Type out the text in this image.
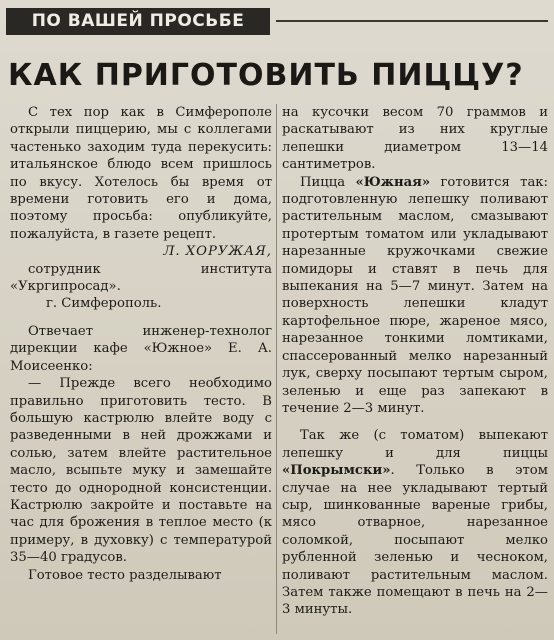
ПО ВАШЕЙ ПРОСЬБЕ
КАК ПРИГОТОВИТЬ ПИЦЦУ?

С тех пор как в Симферополе открыли пиццерию, мы с коллегами частенько заходим туда перекусить: итальянское блюдо всем пришлось по вкусу. Хотелось бы время от времени готовить его и дома, поэтому просьба: опубликуйте, пожалуйста, в газете рецепт.

Л. ХОРУЖАЯ,

сотрудник института «Укргипросад».

г. Симферополь.

Отвечает инженер-технолог дирекции кафе «Южное» Е. А. Моисеенко:

— Прежде всего необходимо правильно приготовить тесто. В большую кастрюлю влейте воду с разведенными в ней дрожжами и солью, затем влейте растительное масло, всыпьте муку и замешайте тесто до однородной консистенции. Кастрюлю закройте и поставьте на час для брожения в теплое место (к примеру, в духовку) с температурой 35—40 градусов.

Готовое тесто разделывают

на кусочки весом 70 граммов и раскатывают из них круглые лепешки диаметром 13—14 сантиметров.

Пицца «Южная» готовится так: подготовленную лепешку поливают растительным маслом, смазывают протертым томатом или укладывают нарезанные кружочками свежие помидоры и ставят в печь для выпекания на 5—7 минут. Затем на поверхность лепешки кладут картофельное пюре, жареное мясо, нарезанное тонкими ломтиками, спассерованный мелко нарезанный лук, сверху посыпают тертым сыром, зеленью и еще раз запекают в течение 2—3 минут.

Так же (с томатом) выпекают лепешку и для пиццы «Покрымски». Только в этом случае на нее укладывают тертый сыр, шинкованные вареные грибы, мясо отварное, нарезанное соломкой, посыпают мелко рубленной зеленью и чесноком, поливают растительным маслом. Затем также помещают в печь на 2—3 минуты.
